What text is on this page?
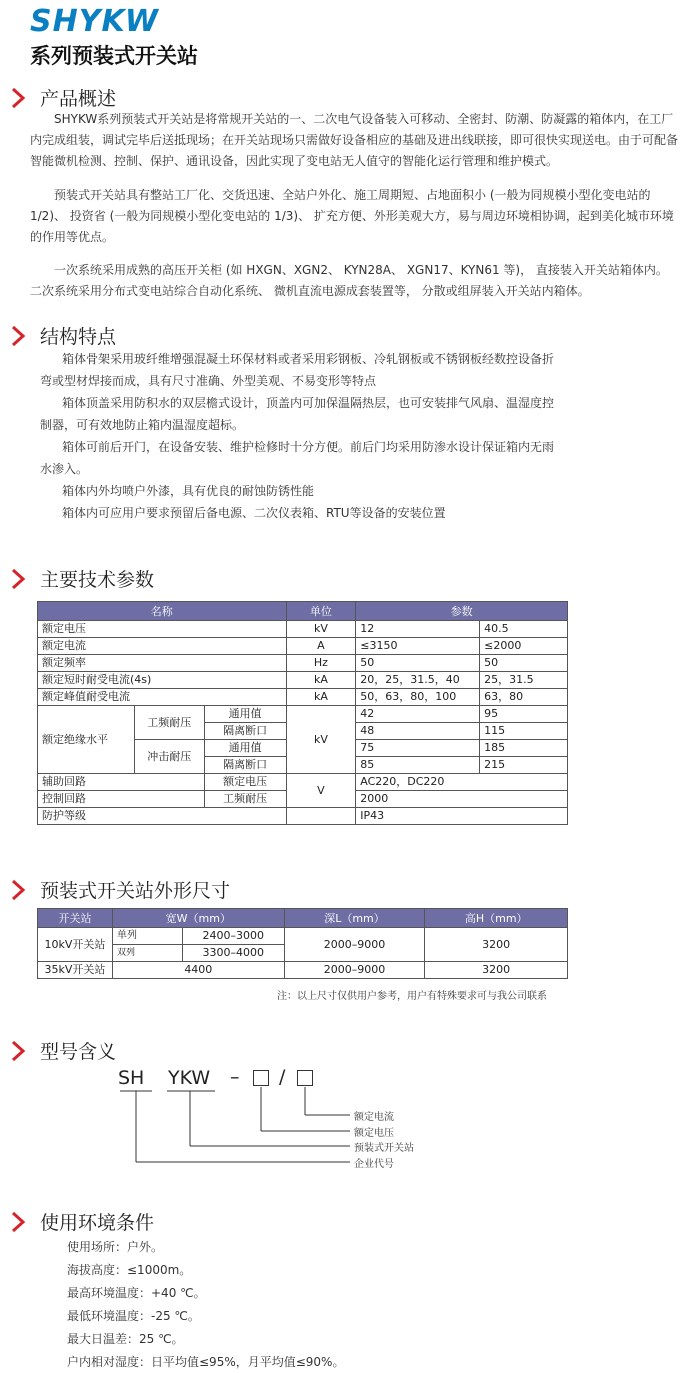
SHYKW
系列预装式开关站
产品概述

SHYKW系列预装式开关站是将常规开关站的一、二次电气设备装入可移动、全密封、防潮、防凝露的箱体内，在工厂内完成组装，调试完毕后送抵现场；在开关站现场只需做好设备相应的基础及进出线联接，即可很快实现送电。由于可配备智能微机检测、控制、保护、通讯设备，因此实现了变电站无人值守的智能化运行管理和维护模式。

预装式开关站具有整站工厂化、交货迅速、全站户外化、施工周期短、占地面积小 (一般为同规模小型化变电站的1/2)、 投资省 (一般为同规模小型化变电站的 1/3)、 扩充方便、外形美观大方，易与周边环境相协调，起到美化城市环境的作用等优点。

一次系统采用成熟的高压开关柜 (如 HXGN、XGN2、 KYN28A、 XGN17、KYN61 等)， 直接装入开关站箱体内。二次系统采用分布式变电站综合自动化系统、 微机直流电源成套装置等， 分散或组屏装入开关站内箱体。

结构特点
箱体骨架采用玻纤维增强混凝土环保材料或者采用彩钢板、冷轧钢板或不锈钢板经数控设备折
弯或型材焊接而成，具有尺寸准确、外型美观、不易变形等特点
箱体顶盖采用防积水的双层檐式设计，顶盖内可加保温隔热层，也可安装排气风扇、温湿度控
制器，可有效地防止箱内温湿度超标。
箱体可前后开门，在设备安装、维护检修时十分方便。前后门均采用防渗水设计保证箱内无雨
水渗入。
箱体内外均喷户外漆，具有优良的耐蚀防锈性能
箱体内可应用户要求预留后备电源、二次仪表箱、RTU等设备的安装位置
主要技术参数
名称			单位	参数	
额定电压			kV	12	40.5
额定电流			A	≤3150	≤2000
额定频率			Hz	50	50
额定短时耐受电流(4s)			kA	20，25，31.5，40	25，31.5
额定峰值耐受电流			kA	50，63，80，100	63，80
额定绝缘水平	工频耐压	通用值	kV	42	95
		隔离断口		48	115
	冲击耐压	通用值		75	185
		隔离断口		85	215
辅助回路		额定电压	V	AC220，DC220	
控制回路		工频耐压		2000	
防护等级				IP43	
预装式开关站外形尺寸
开关站	宽W（mm）		深L（mm）	高H（mm）
10kV开关站	单列	2400–3000	2000–9000	3200
	双列	3300–4000		
35kV开关站	4400		2000–9000	3200
注：以上尺寸仅供用户参考，用户有特殊要求可与我公司联系
型号含义
SH YKW – /
额定电流
额定电压
预装式开关站
企业代号
使用环境条件
使用场所：户外。
海拔高度：≤1000m。
最高环境温度：+40 ℃。
最低环境温度：-25 ℃。
最大日温差：25 ℃。
户内相对湿度：日平均值≤95%，月平均值≤90%。
